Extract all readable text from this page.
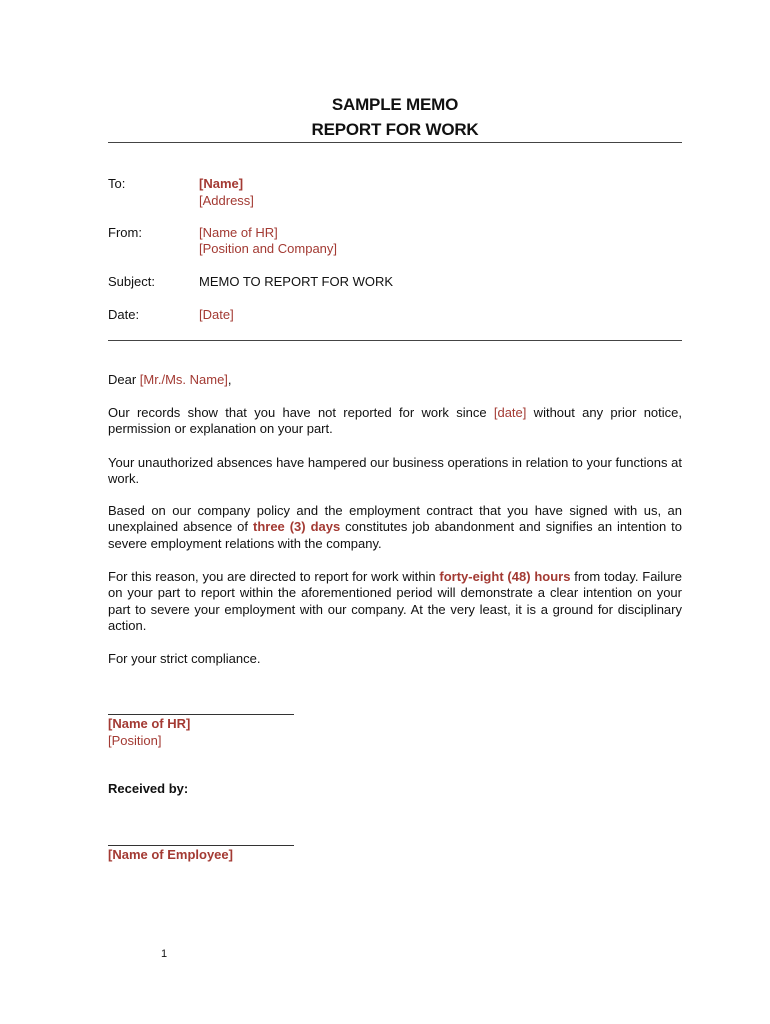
SAMPLE MEMO
REPORT FOR WORK
To:	[Name]
[Address]
From:	[Name of HR]
[Position and Company]
Subject:	MEMO TO REPORT FOR WORK
Date:	[Date]

Dear [Mr./Ms. Name],

Our records show that you have not reported for work since [date] without any prior notice, permission or explanation on your part.

Your unauthorized absences have hampered our business operations in relation to your functions at work.

Based on our company policy and the employment contract that you have signed with us, an unexplained absence of three (3) days constitutes job abandonment and signifies an intention to severe employment relations with the company.

For this reason, you are directed to report for work within forty-eight (48) hours from today. Failure on your part to report within the aforementioned period will demonstrate a clear intention on your part to severe your employment with our company. At the very least, it is a ground for disciplinary action.

For your strict compliance.

[Name of HR]
[Position]
Received by:
[Name of Employee]
1
